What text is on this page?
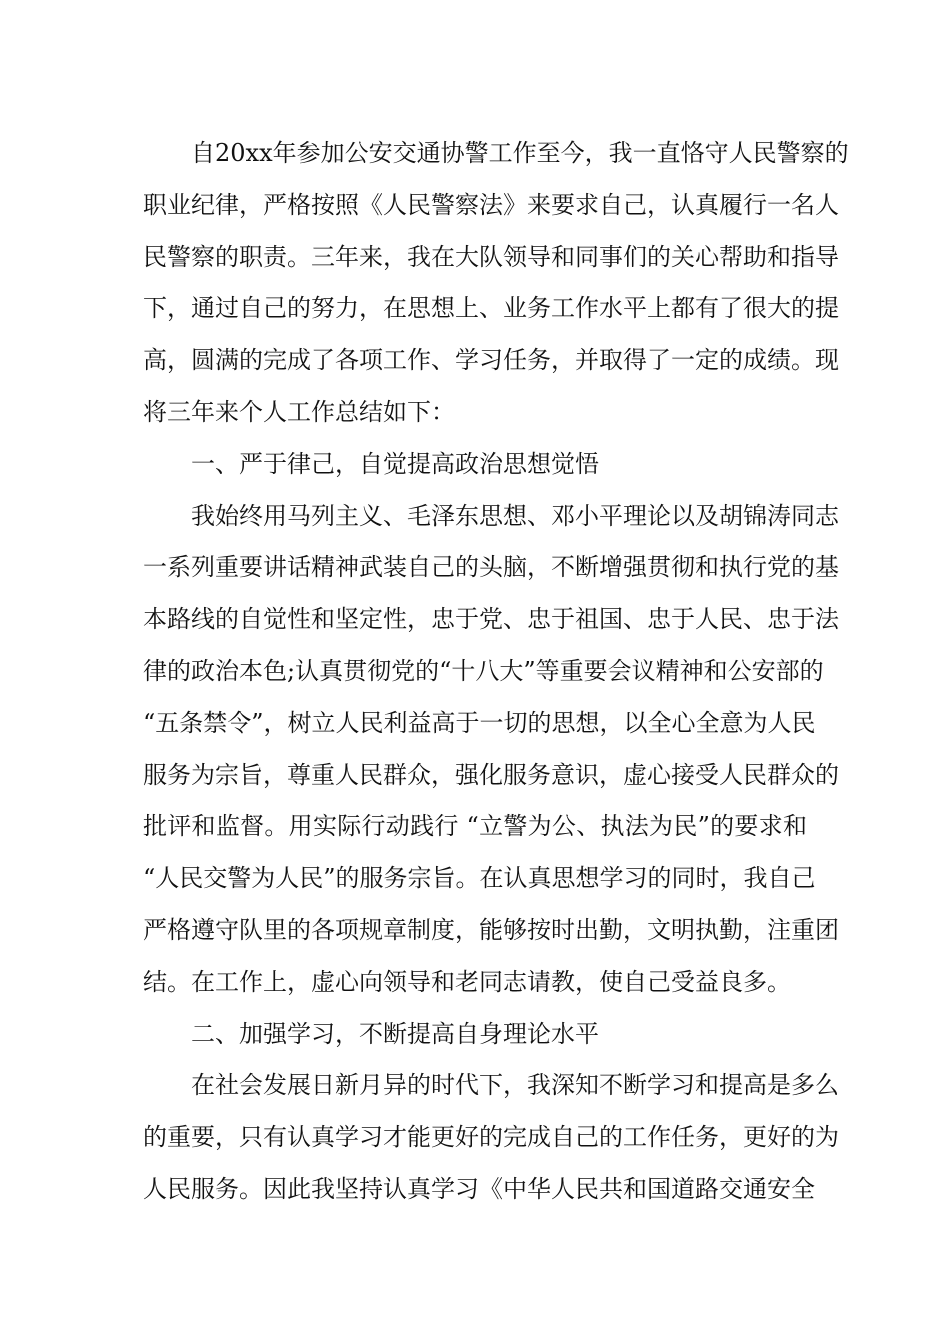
自20xx年参加公安交通协警工作至今，我一直恪守人民警察的
职业纪律，严格按照《人民警察法》来要求自己，认真履行一名人
民警察的职责。三年来，我在大队领导和同事们的关心帮助和指导
下，通过自己的努力，在思想上、业务工作水平上都有了很大的提
高，圆满的完成了各项工作、学习任务，并取得了一定的成绩。现
将三年来个人工作总结如下：
一、严于律己，自觉提高政治思想觉悟
我始终用马列主义、毛泽东思想、邓小平理论以及胡锦涛同志
一系列重要讲话精神武装自己的头脑，不断增强贯彻和执行党的基
本路线的自觉性和坚定性，忠于党、忠于祖国、忠于人民、忠于法
律的政治本色;认真贯彻党的“十八大”等重要会议精神和公安部的
“五条禁令”，树立人民利益高于一切的思想，以全心全意为人民
服务为宗旨，尊重人民群众，强化服务意识，虚心接受人民群众的
批评和监督。用实际行动践行 “立警为公、执法为民”的要求和
“人民交警为人民”的服务宗旨。在认真思想学习的同时，我自己
严格遵守队里的各项规章制度，能够按时出勤，文明执勤，注重团
结。在工作上，虚心向领导和老同志请教，使自己受益良多。
二、加强学习，不断提高自身理论水平
在社会发展日新月异的时代下，我深知不断学习和提高是多么
的重要，只有认真学习才能更好的完成自己的工作任务，更好的为
人民服务。因此我坚持认真学习《中华人民共和国道路交通安全
